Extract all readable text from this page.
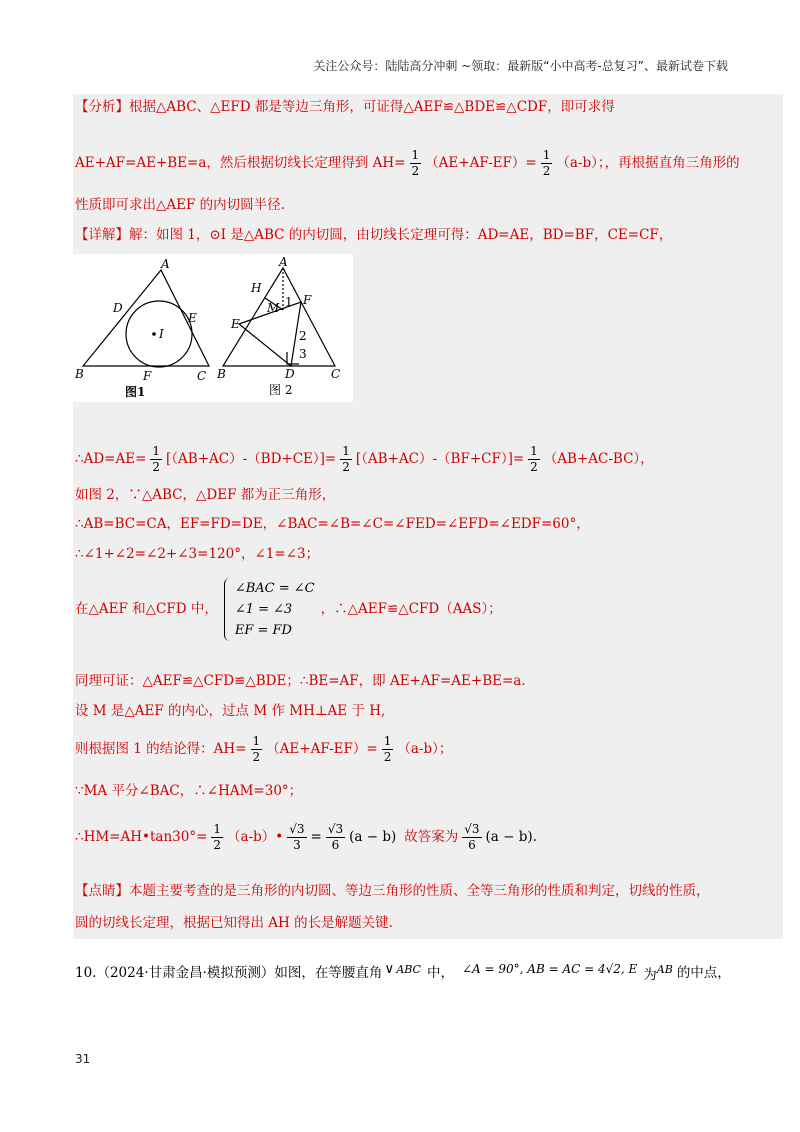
关注公众号：陆陆高分冲刺 ~领取：最新版“小中高考-总复习”、最新试卷下载
【分析】根据△ABC、△EFD 都是等边三角形，可证得△AEF≌△BDE≌△CDF，即可求得
AE+AF=AE+BE=a，然后根据切线长定理得到 $AH= \frac{1}{2} (AE+AF-EF)= \frac{1}{2} (a-b)$；，再根据直角三角形的
性质即可求出△AEF 的内切圆半径.
【详解】解：如图 1，⊙I 是△ABC 的内切圆，由切线长定理可得：AD=AE，BD=BF，CE=CF，
A
B	C
D
E
F
I
图1
A
H
M 1 F
E
2
3
D	C
B
图 2
∴AD=AE= $\frac{1}{2} [(AB+AC)-(BD+CE)]= \frac{1}{2} [(AB+AC)-(BF+CF)]= \frac{1}{2} (AB+AC-BC)$，
如图 2，∵△ABC，△DEF 都为正三角形，
∴AB=BC=CA，EF=FD=DE，∠BAC=∠B=∠C=∠FED=∠EFD=∠EDF=60°，
∴∠1+∠2=∠2+∠3=120°，∠1=∠3；
在△AEF 和△CFD 中，
∠BAC = ∠C
∠1 = ∠3
EF = FD
，∴△AEF≌△CFD（AAS）；
同理可证：△AEF≌△CFD≌△BDE；∴BE=AF，即 AE+AF=AE+BE=a.
设 M 是△AEF 的内心，过点 M 作 MH⊥AE 于 H,
则根据图 1 的结论得：$AH= \frac{1}{2} (AE+AF-EF)= \frac{1}{2} (a-b)$；
∵MA 平分∠BAC，∴∠HAM=30°；
∴HM=AH•tan30°= $\frac{1}{2}$ （a-b）• $\frac{√3}{3} = \frac{√3}{6} (a - b)$ 故答案为 $\frac{√3}{6} (a - b)$.
【点睛】本题主要考查的是三角形的内切圆、等边三角形的性质、全等三角形的性质和判定，切线的性质，
圆的切线长定理，根据已知得出 AH 的长是解题关键.
10.（2024·甘肃金昌·模拟预测）如图，在等腰直角 ∨ $^{ABC}$ 中， ∠A = 90°, AB = AC = 4√2, E 为$^{AB}$ 的中点，
31
